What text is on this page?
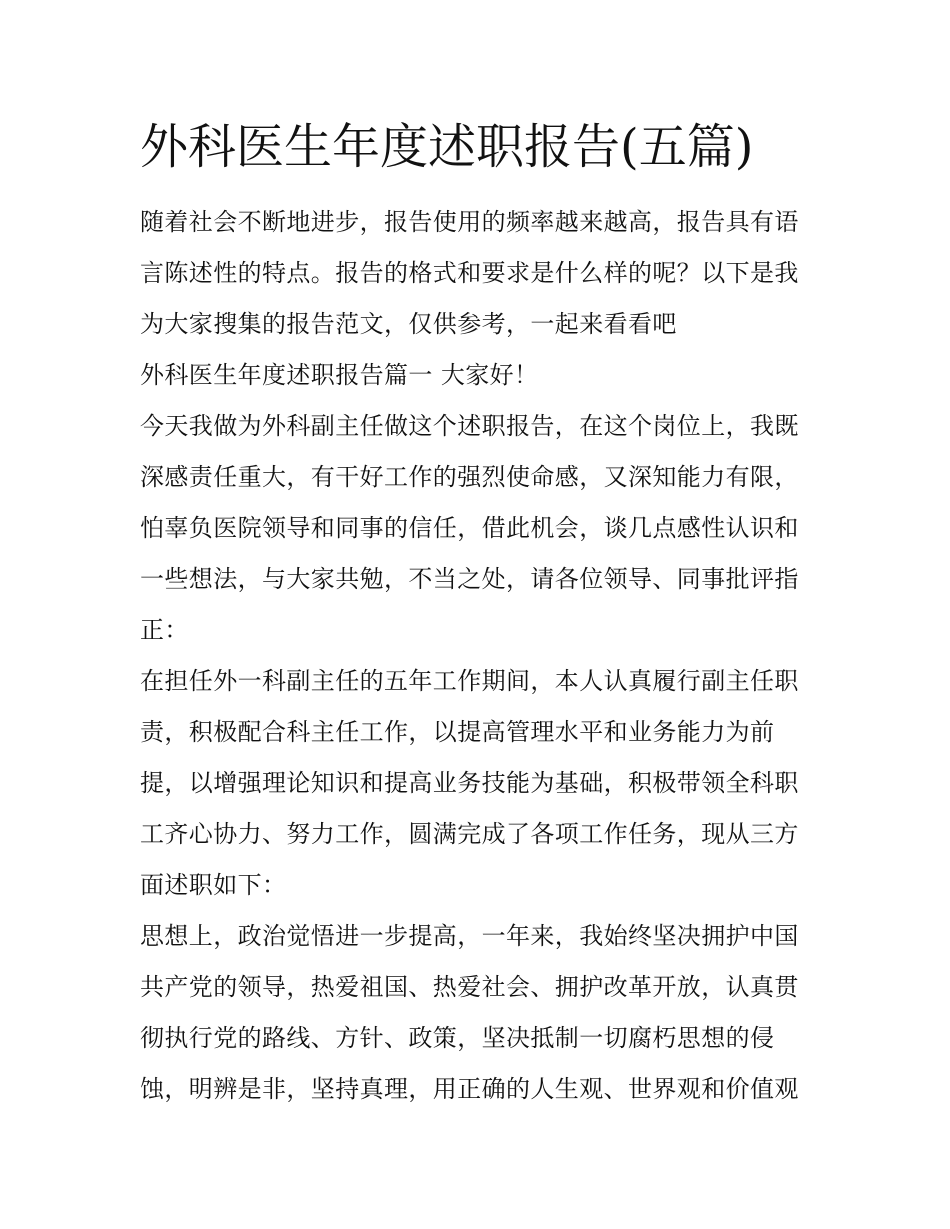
外科医生年度述职报告(五篇)
随着社会不断地进步，报告使用的频率越来越高，报告具有语
言陈述性的特点。报告的格式和要求是什么样的呢？以下是我
为大家搜集的报告范文，仅供参考，一起来看看吧
外科医生年度述职报告篇一 大家好！
今天我做为外科副主任做这个述职报告，在这个岗位上，我既
深感责任重大，有干好工作的强烈使命感，又深知能力有限，
怕辜负医院领导和同事的信任，借此机会，谈几点感性认识和
一些想法，与大家共勉，不当之处，请各位领导、同事批评指
正：
在担任外一科副主任的五年工作期间，本人认真履行副主任职
责，积极配合科主任工作，以提高管理水平和业务能力为前
提，以增强理论知识和提高业务技能为基础，积极带领全科职
工齐心协力、努力工作，圆满完成了各项工作任务，现从三方
面述职如下：
思想上，政治觉悟进一步提高，一年来，我始终坚决拥护中国
共产党的领导，热爱祖国、热爱社会、拥护改革开放，认真贯
彻执行党的路线、方针、政策，坚决抵制一切腐朽思想的侵
蚀，明辨是非，坚持真理，用正确的人生观、世界观和价值观
